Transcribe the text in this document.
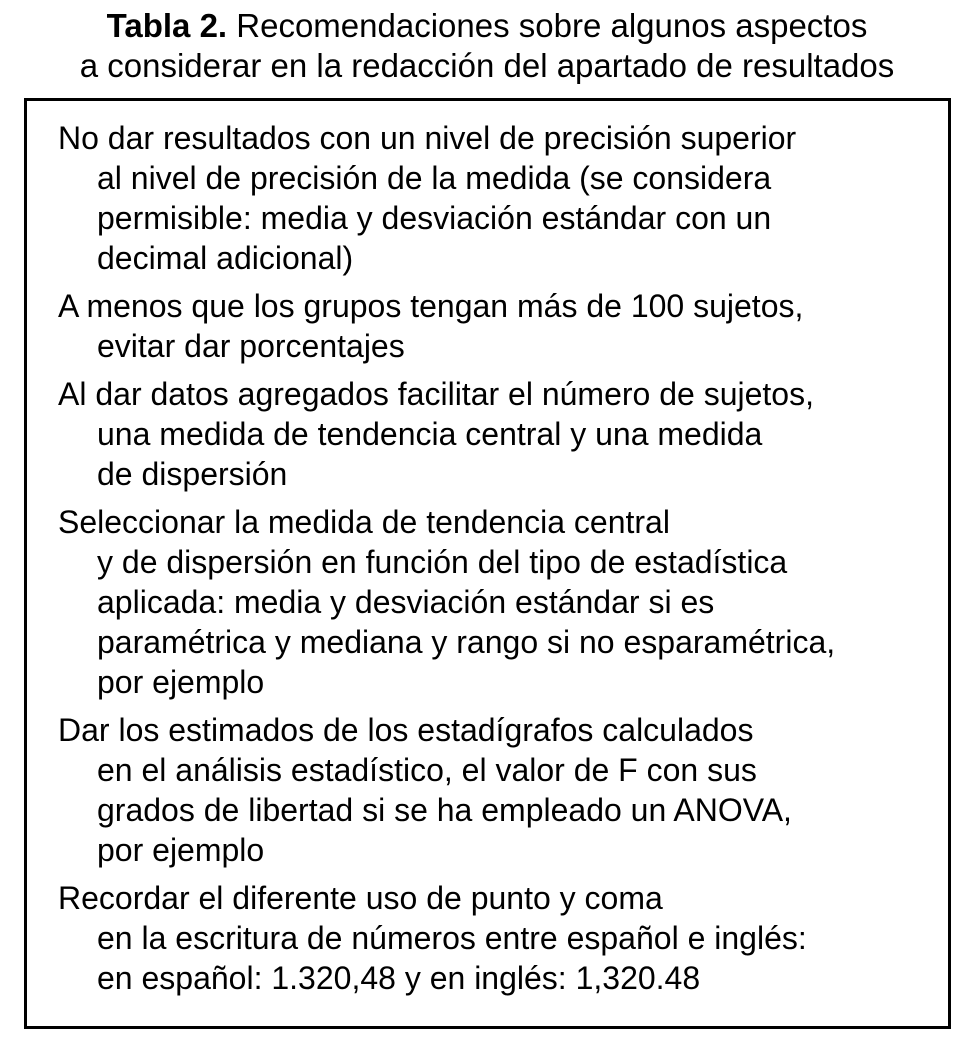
Tabla 2. Recomendaciones sobre algunos aspectos
a considerar en la redacción del apartado de resultados
No dar resultados con un nivel de precisión superior
al nivel de precisión de la medida (se considera
permisible: media y desviación estándar con un
decimal adicional)
A menos que los grupos tengan más de 100 sujetos,
evitar dar porcentajes
Al dar datos agregados facilitar el número de sujetos,
una medida de tendencia central y una medida
de dispersión
Seleccionar la medida de tendencia central
y de dispersión en función del tipo de estadística
aplicada: media y desviación estándar si es
paramétrica y mediana y rango si no esparamétrica,
por ejemplo
Dar los estimados de los estadígrafos calculados
en el análisis estadístico, el valor de F con sus
grados de libertad si se ha empleado un ANOVA,
por ejemplo
Recordar el diferente uso de punto y coma
en la escritura de números entre español e inglés:
en español: 1.320,48 y en inglés: 1,320.48
